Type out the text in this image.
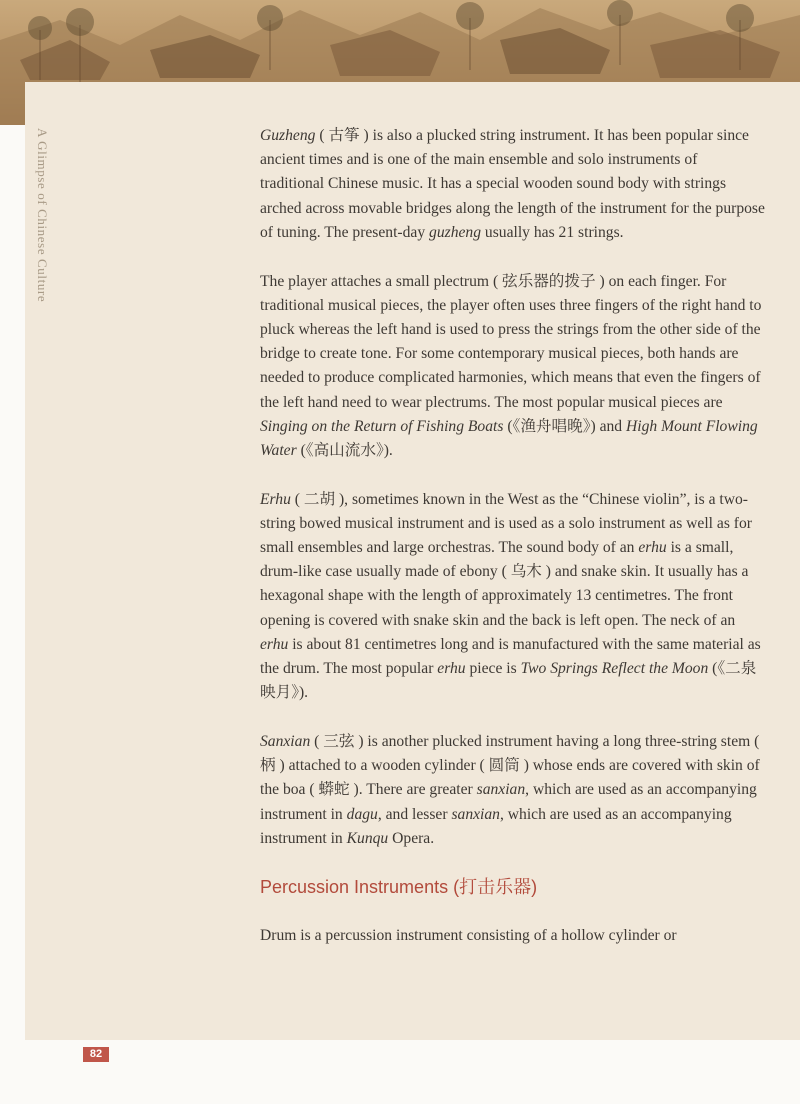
A Glimpse of Chinese Culture	Guzheng ( 古筝 ) is also a plucked string instrument. It has been popular since ancient times and is one of the main ensemble and solo instruments of traditional Chinese music. It has a special wooden sound body with strings arched across movable bridges along the length of the instrument for the purpose of tuning. The present-day guzheng usually has 21 strings.

The player attaches a small plectrum ( 弦乐器的拨子 ) on each finger. For traditional musical pieces, the player often uses three fingers of the right hand to pluck whereas the left hand is used to press the strings from the other side of the bridge to create tone. For some contemporary musical pieces, both hands are needed to produce complicated harmonies, which means that even the fingers of the left hand need to wear plectrums. The most popular musical pieces are Singing on the Return of Fishing Boats (《渔舟唱晚》) and High Mount Flowing Water (《高山流水》).

Erhu ( 二胡 ), sometimes known in the West as the “Chinese violin”, is a two-string bowed musical instrument and is used as a solo instrument as well as for small ensembles and large orchestras. The sound body of an erhu is a small, drum-like case usually made of ebony ( 乌木 ) and snake skin. It usually has a hexagonal shape with the length of approximately 13 centimetres. The front opening is covered with snake skin and the back is left open. The neck of an erhu is about 81 centimetres long and is manufactured with the same material as the drum. The most popular erhu piece is Two Springs Reflect the Moon (《二泉映月》).

Sanxian ( 三弦 ) is another plucked instrument having a long three-string stem ( 柄 ) attached to a wooden cylinder ( 圆筒 ) whose ends are covered with skin of the boa ( 蟒蛇 ). There are greater sanxian, which are used as an accompanying instrument in dagu, and lesser sanxian, which are used as an accompanying instrument in Kunqu Opera.

Percussion Instruments (打击乐器)

Drum is a percussion instrument consisting of a hollow cylinder or

82
